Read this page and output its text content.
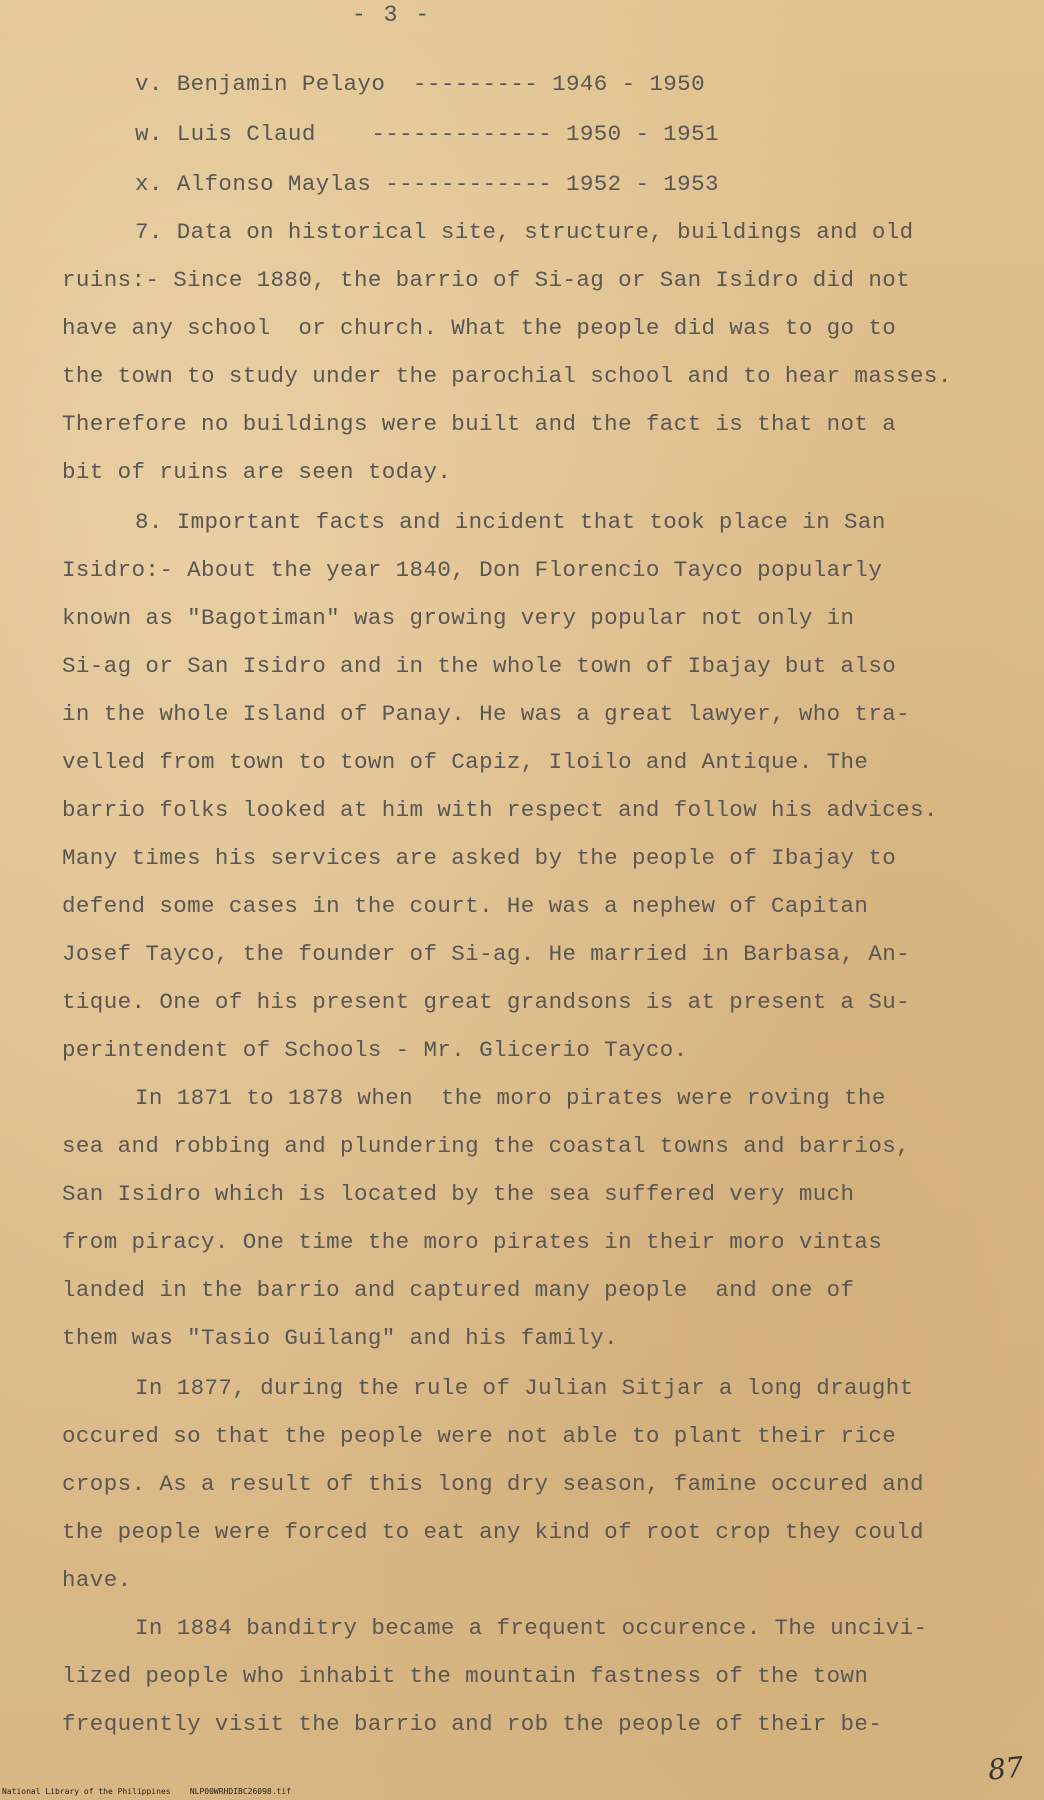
- 3 -
v. Benjamin Pelayo  --------- 1946 - 1950
w. Luis Claud    ------------- 1950 - 1951
x. Alfonso Maylas ------------ 1952 - 1953
7. Data on historical site, structure, buildings and old
ruins:- Since 1880, the barrio of Si-ag or San Isidro did not
have any school  or church. What the people did was to go to
the town to study under the parochial school and to hear masses.
Therefore no buildings were built and the fact is that not a
bit of ruins are seen today.
8. Important facts and incident that took place in San
Isidro:- About the year 1840, Don Florencio Tayco popularly
known as "Bagotiman" was growing very popular not only in
Si-ag or San Isidro and in the whole town of Ibajay but also
in the whole Island of Panay. He was a great lawyer, who tra-
velled from town to town of Capiz, Iloilo and Antique. The
barrio folks looked at him with respect and follow his advices.
Many times his services are asked by the people of Ibajay to
defend some cases in the court. He was a nephew of Capitan
Josef Tayco, the founder of Si-ag. He married in Barbasa, An-
tique. One of his present great grandsons is at present a Su-
perintendent of Schools - Mr. Glicerio Tayco.
In 1871 to 1878 when  the moro pirates were roving the
sea and robbing and plundering the coastal towns and barrios,
San Isidro which is located by the sea suffered very much
from piracy. One time the moro pirates in their moro vintas
landed in the barrio and captured many people  and one of
them was "Tasio Guilang" and his family.
In 1877, during the rule of Julian Sitjar a long draught
occured so that the people were not able to plant their rice
crops. As a result of this long dry season, famine occured and
the people were forced to eat any kind of root crop they could
have.
In 1884 banditry became a frequent occurence. The uncivi-
lized people who inhabit the mountain fastness of the town
frequently visit the barrio and rob the people of their be-
National Library of the Philippines    NLP00WRHDIBC26098.tif
87
